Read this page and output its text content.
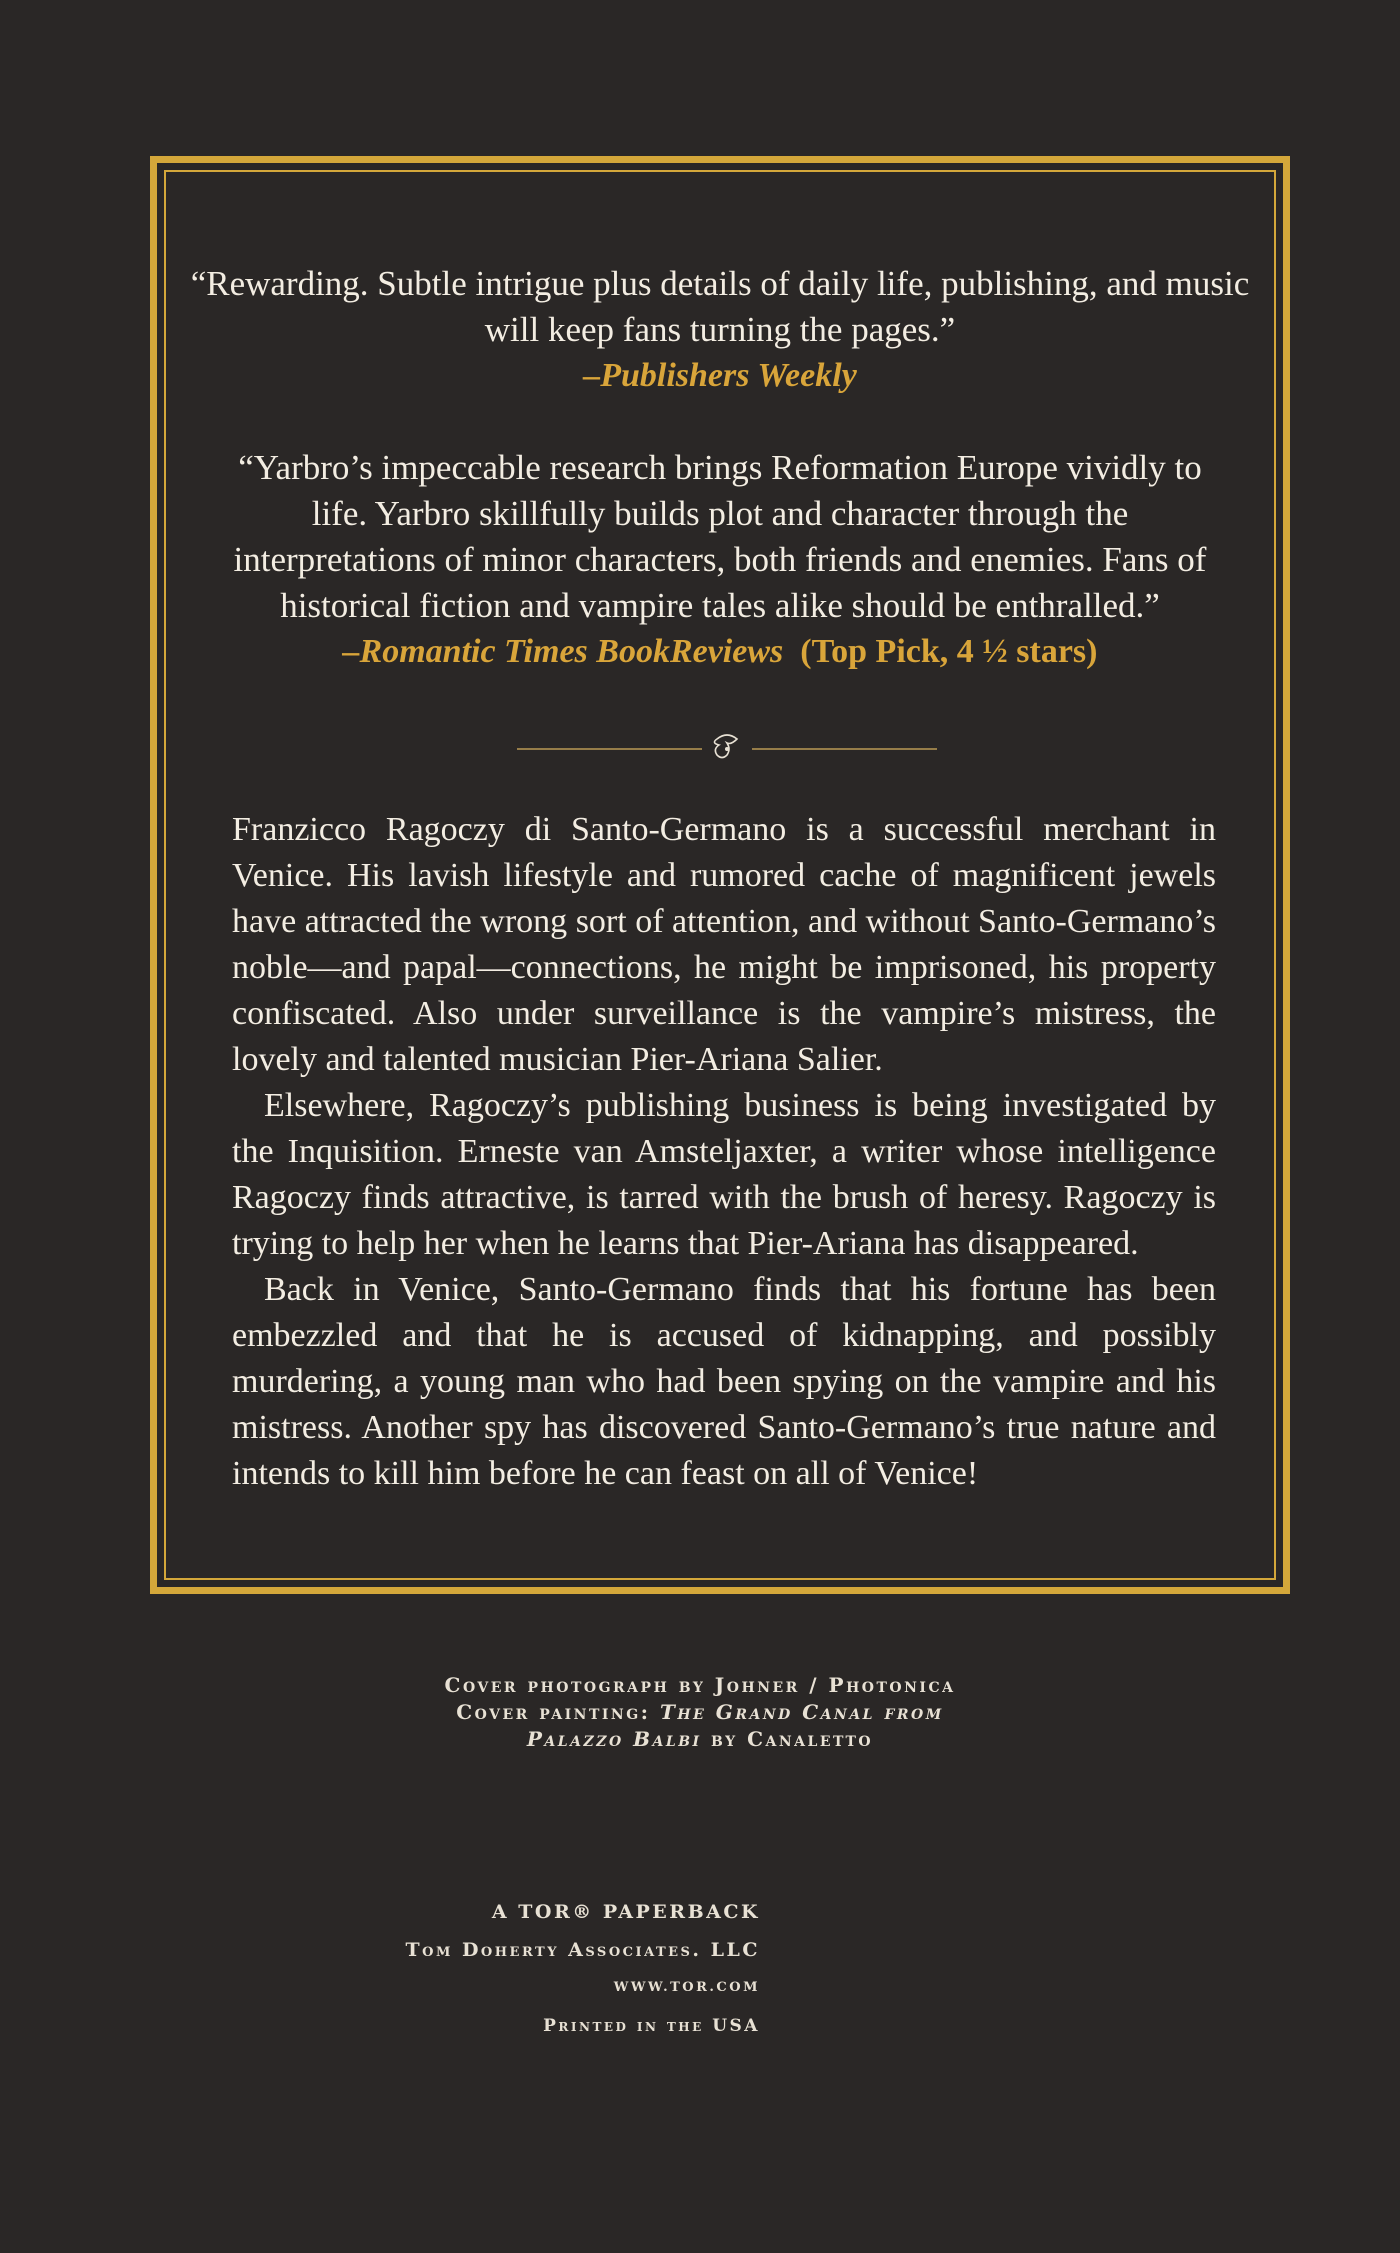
“Rewarding. Subtle intrigue plus details of daily life, publishing, and music will keep fans turning the pages.”
–Publishers Weekly
“Yarbro’s impeccable research brings Reformation Europe vividly to life. Yarbro skillfully builds plot and character through the interpretations of minor characters, both friends and enemies. Fans of historical fiction and vampire tales alike should be enthralled.”
–Romantic Times BookReviews (Top Pick, 4 ½ stars)

Franzicco Ragoczy di Santo-Germano is a successful merchant in Venice. His lavish lifestyle and rumored cache of magnificent jewels have attracted the wrong sort of attention, and without Santo-Germano’s noble—and papal—connections, he might be imprisoned, his property confiscated. Also under surveillance is the vampire’s mistress, the lovely and talented musician Pier-Ariana Salier.

Elsewhere, Ragoczy’s publishing business is being investigated by the Inquisition. Erneste van Amsteljaxter, a writer whose intelligence Ragoczy finds attractive, is tarred with the brush of heresy. Ragoczy is trying to help her when he learns that Pier-Ariana has disappeared.

Back in Venice, Santo-Germano finds that his fortune has been embezzled and that he is accused of kidnapping, and possibly murdering, a young man who had been spying on the vampire and his mistress. Another spy has discovered Santo-Germano’s true nature and intends to kill him before he can feast on all of Venice!

Cover photograph by Johner / Photonica
Cover painting: The Grand Canal from
Palazzo Balbi by Canaletto
A TOR® PAPERBACK
Tom Doherty Associates. LLC
WWW.TOR.COM
Printed in the USA
